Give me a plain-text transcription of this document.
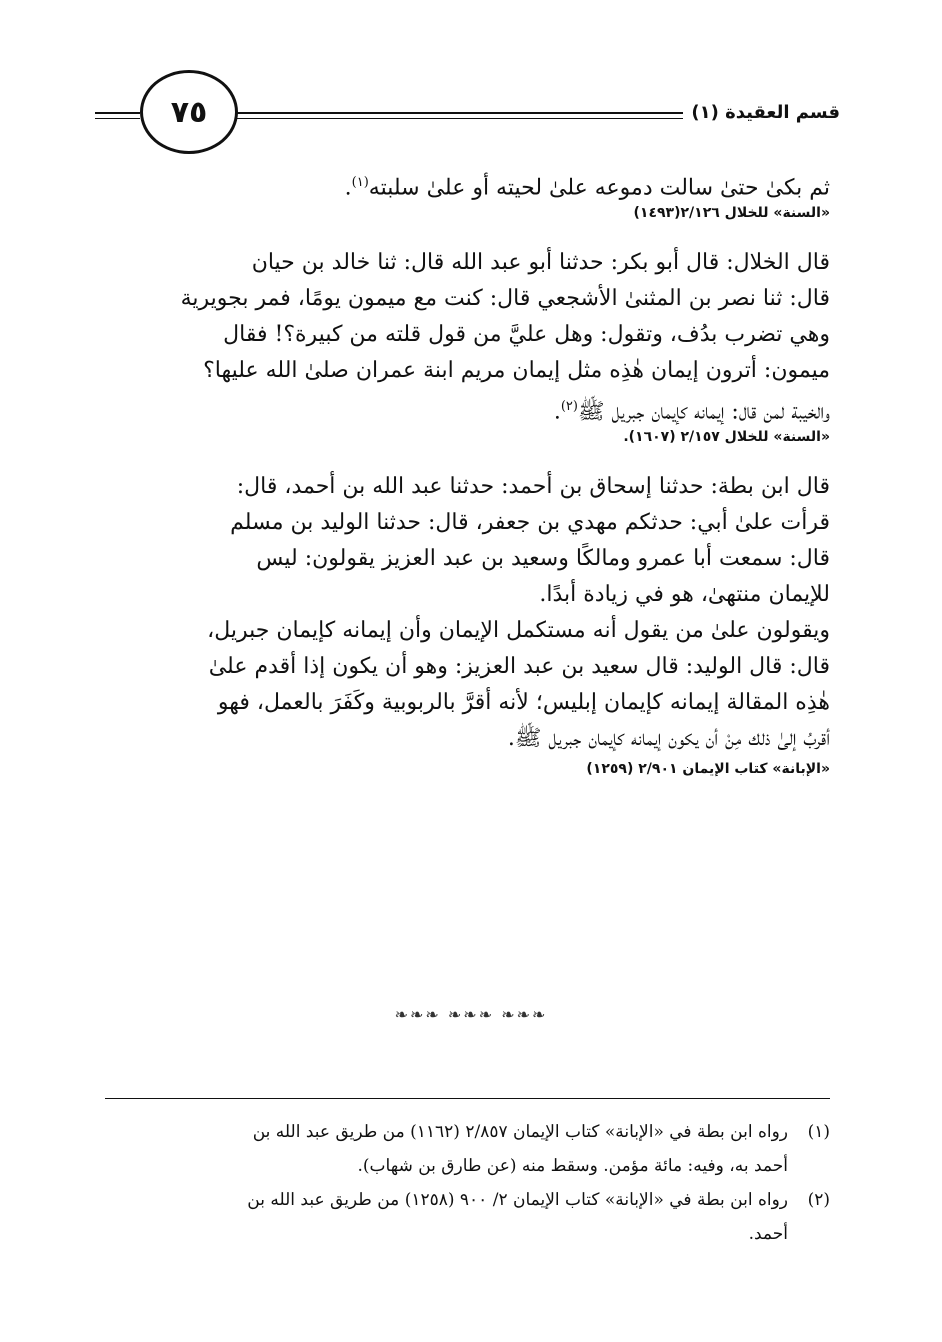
قسم العقيدة (١)
٧٥
ثم بكىٰ حتىٰ سالت دموعه علىٰ لحيته أو علىٰ سلبته$^{(١)}$.
«السنة» للخلال ٢/١٢٦(١٤٩٣)
قال الخلال: قال أبو بكر: حدثنا أبو عبد الله قال: ثنا خالد بن حيان
قال: ثنا نصر بن المثنىٰ الأشجعي قال: كنت مع ميمون يومًا، فمر بجويرية
وهي تضرب بدُف، وتقول: وهل عليَّ من قول قلته من كبيرة؟! فقال
ميمون: أترون إيمان هٰذِه مثل إيمان مريم ابنة عمران صلىٰ الله عليها؟
والخيبة لمن قال: إيمانه كإيمان جبريل ﷺ$^{(٢)}$.
«السنة» للخلال ٢/١٥٧ (١٦٠٧).
قال ابن بطة: حدثنا إسحاق بن أحمد: حدثنا عبد الله بن أحمد، قال:
قرأت علىٰ أبي: حدثكم مهدي بن جعفر، قال: حدثنا الوليد بن مسلم
قال: سمعت أبا عمرو ومالكًا وسعيد بن عبد العزيز يقولون: ليس
للإيمان منتهىٰ، هو في زيادة أبدًا.
ويقولون علىٰ من يقول أنه مستكمل الإيمان وأن إيمانه كإيمان جبريل،
قال: قال الوليد: قال سعيد بن عبد العزيز: وهو أن يكون إذا أقدم علىٰ
هٰذِه المقالة إيمانه كإيمان إبليس؛ لأنه أقرَّ بالربوبية وكَفَرَ بالعمل، فهو
أقربُ إلىٰ ذلك مِنْ أن يكون إيمانه كإيمان جبريل ﷺ.
«الإبانة» كتاب الإيمان ٢/٩٠١ (١٢٥٩)
❧❧❧ ❧❧❧ ❧❧❧
(١)
رواه ابن بطة في «الإبانة» كتاب الإيمان ٢/٨٥٧ (١١٦٢) من طريق عبد الله بن
أحمد به، وفيه: مائة مؤمن. وسقط منه (عن طارق بن شهاب).
(٢)
رواه ابن بطة في «الإبانة» كتاب الإيمان ٢/ ٩٠٠ (١٢٥٨) من طريق عبد الله بن
أحمد.
